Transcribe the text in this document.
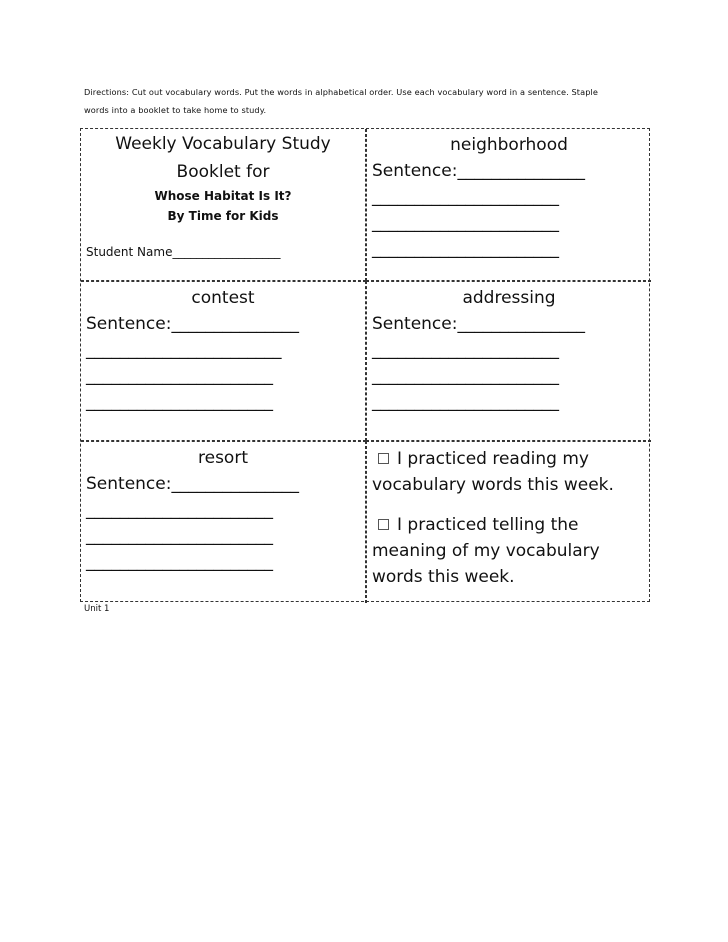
Directions: Cut out vocabulary words. Put the words in alphabetical order. Use each vocabulary word in a sentence. Staple
words into a booklet to take home to study.
Weekly Vocabulary Study
Booklet for
Whose Habitat Is It?
By Time for Kids
Student Name__________________
neighborhood
Sentence:_______________
______________________
______________________
______________________
contest
Sentence:_______________
_______________________
______________________
______________________
addressing
Sentence:_______________
______________________
______________________
______________________
resort
Sentence:_______________
______________________
______________________
______________________
I practiced reading my
vocabulary words this week.
I practiced telling the
meaning of my vocabulary
words this week.
Unit 1
